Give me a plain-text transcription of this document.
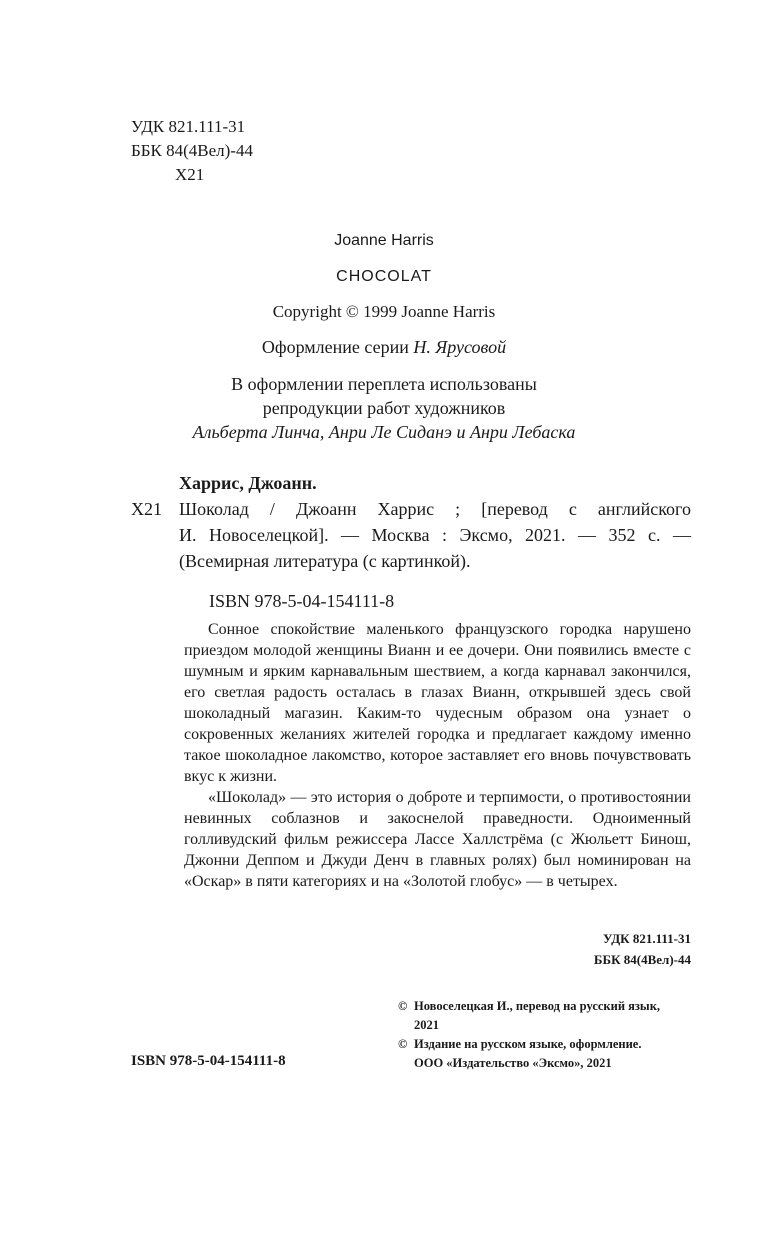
УДК 821.111-31
ББК 84(4Вел)-44
Х21
Joanne Harris
CHOCOLAT
Copyright © 1999 Joanne Harris
Оформление серии Н. Ярусовой
В оформлении переплета использованы
репродукции работ художников
Альберта Линча, Анри Ле Сиданэ и Анри Лебаска
Харрис, Джоанн.
Х21 Шоколад / Джоанн Харрис ; [перевод с английского
И. Новоселецкой]. — Москва : Эксмо, 2021. — 352 с. —
(Всемирная литература (с картинкой).
ISBN 978-5-04-154111-8

Сонное спокойствие маленького французского городка нарушено приездом молодой женщины Вианн и ее дочери. Они появились вместе с шумным и ярким карнавальным шествием, а когда карнавал закончился, его светлая радость осталась в глазах Вианн, открывшей здесь свой шоколадный магазин. Каким-то чудесным образом она узнает о сокровенных желаниях жителей городка и предлагает каждому именно такое шоколадное лакомство, которое заставляет его вновь почувствовать вкус к жизни.

«Шоколад» — это история о доброте и терпимости, о противостоянии невинных соблазнов и закоснелой праведности. Одноименный голливудский фильм режиссера Лассе Халлстрёма (с Жюльетт Бинош, Джонни Деппом и Джуди Денч в главных ролях) был номинирован на «Оскар» в пяти категориях и на «Золотой глобус» — в четырех.

УДК 821.111-31
ББК 84(4Вел)-44
© Новоселецкая И., перевод на русский язык,
2021
© Издание на русском языке, оформление.
ООО «Издательство «Эксмо», 2021
ISBN 978-5-04-154111-8
